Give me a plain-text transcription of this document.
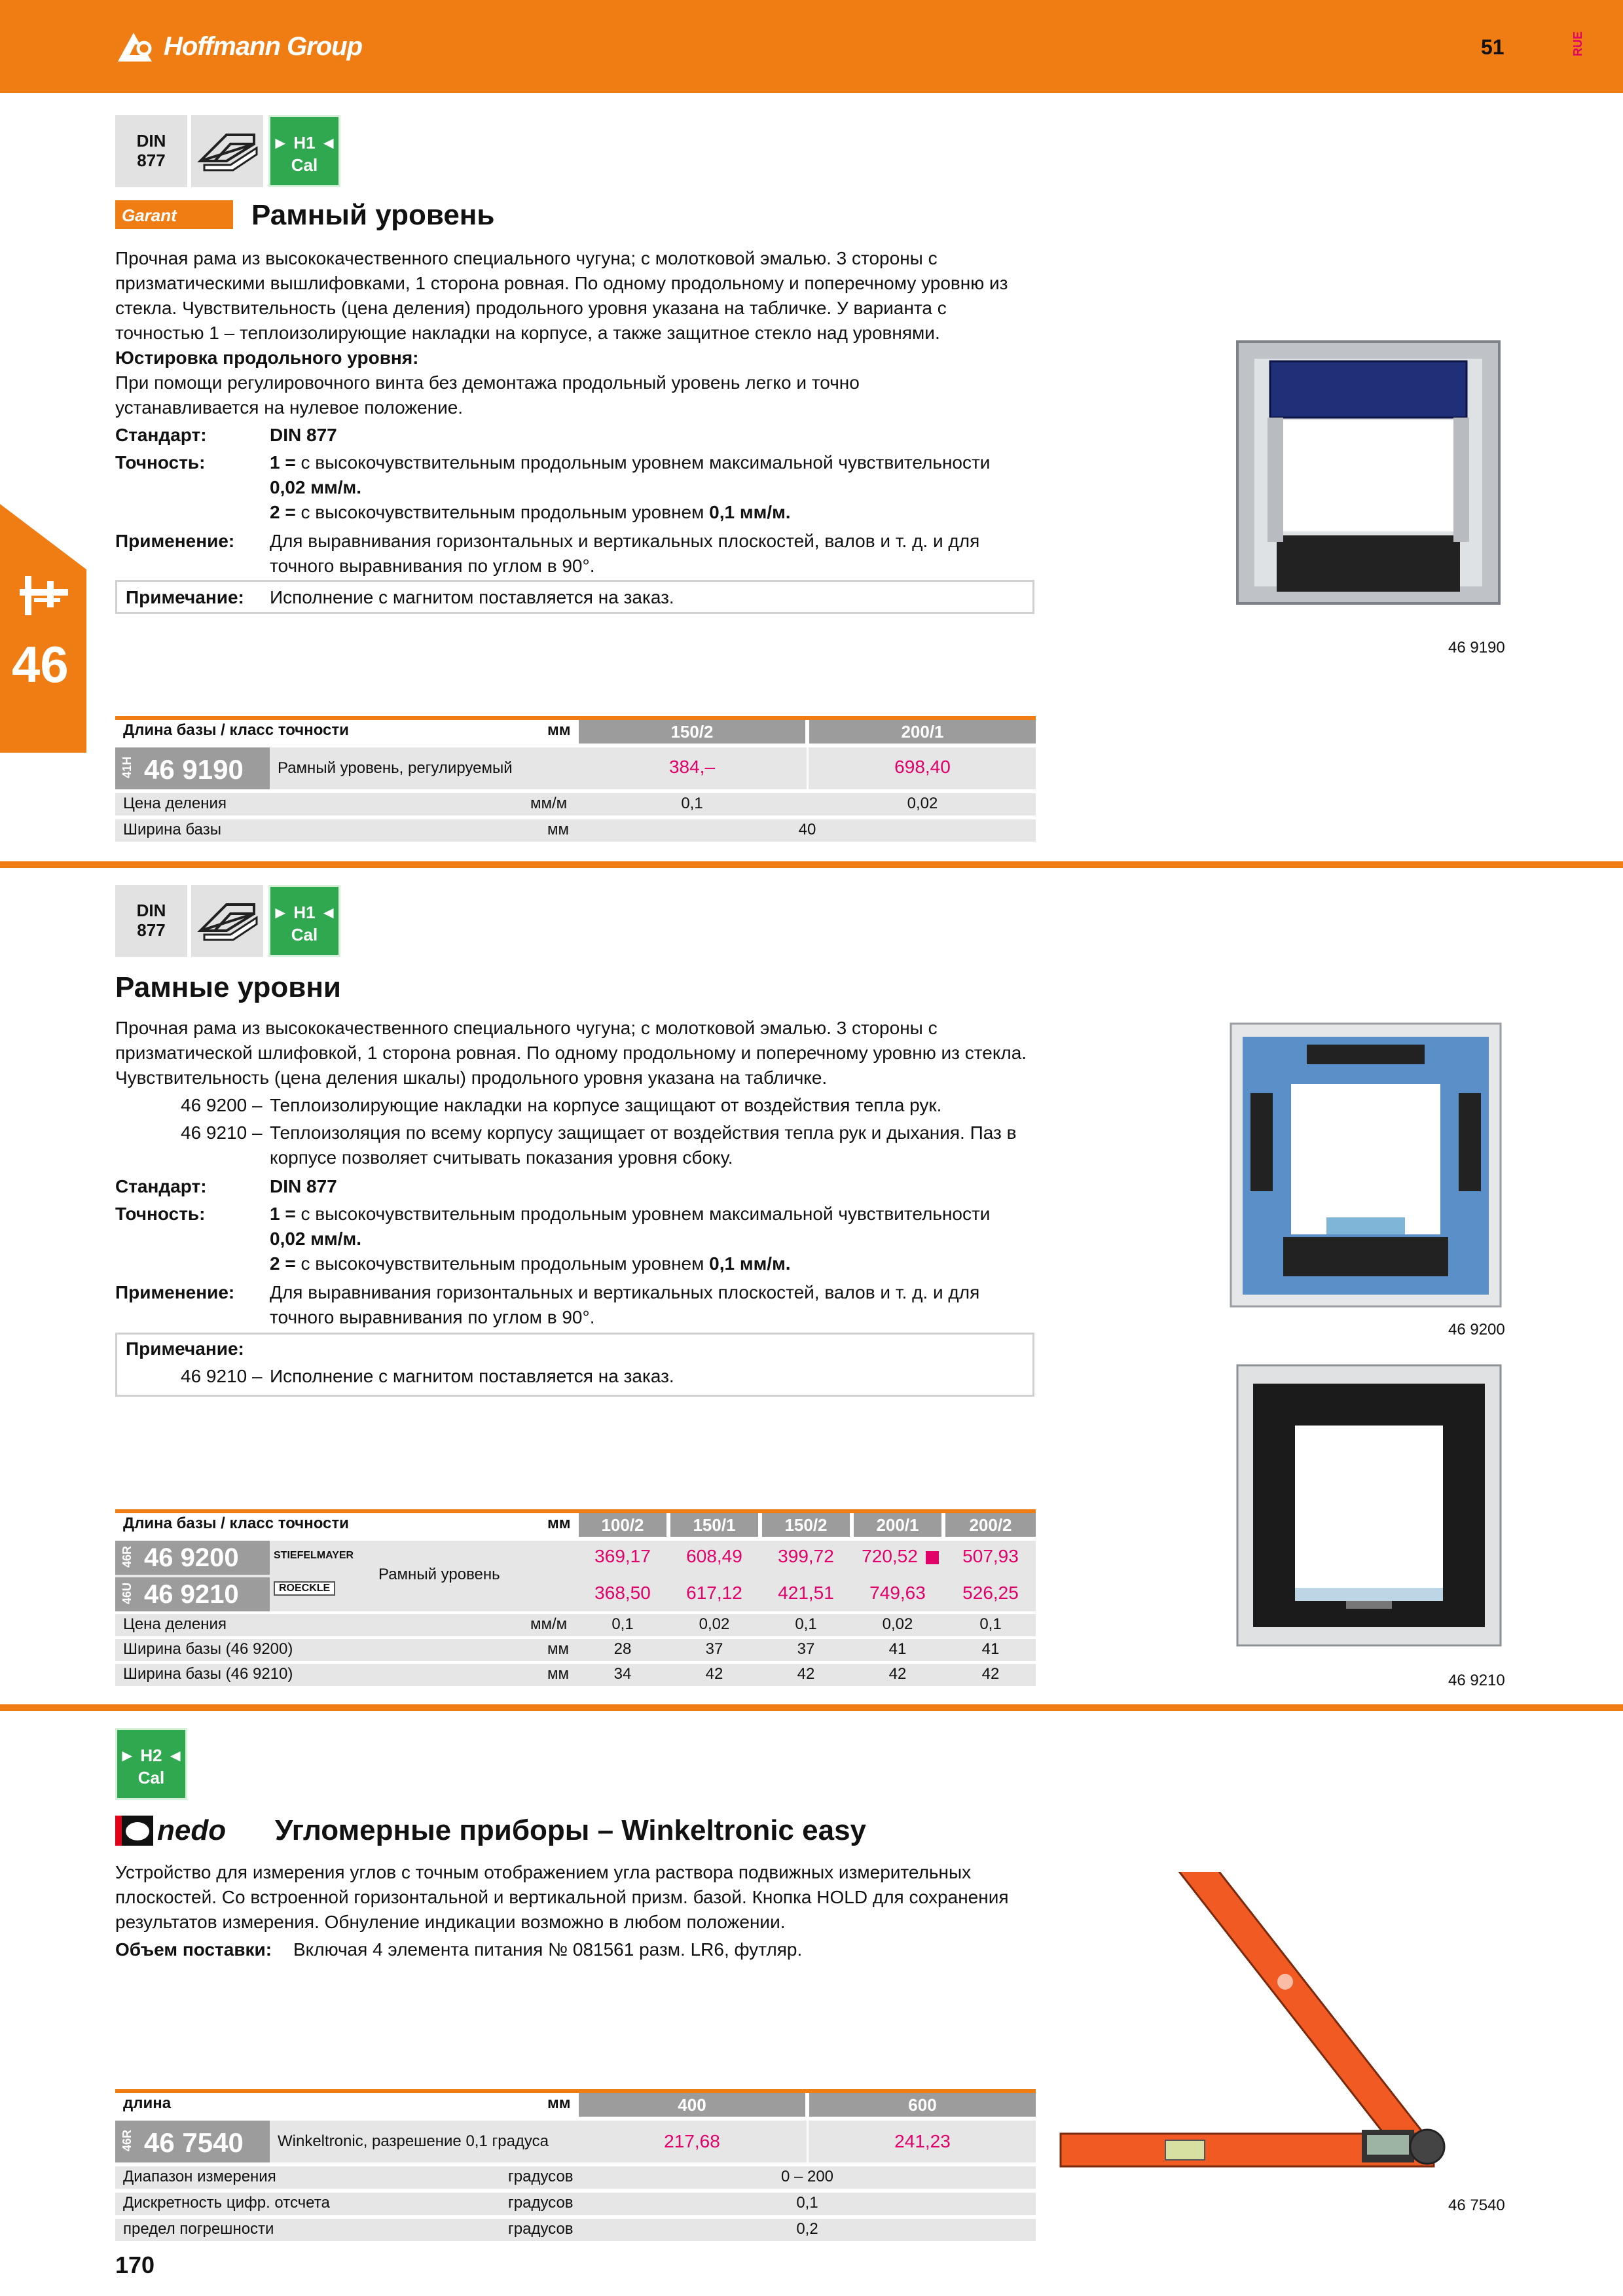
Hoffmann Group	51	RUE
46
DIN
877
► H1 ◄
Cal
Garant	Рамный уровень
Прочная рама из высококачественного специального чугуна; с молотковой эмалью. 3 стороны с призматическими вышлифовками, 1 сторона ровная. По одному продольному и поперечному уровню из стекла. Чувствительность (цена деления) продольного уровня указана на табличке. У варианта с точностью 1 – теплоизолирующие накладки на корпусе, а также защитное стекло над уровнями.
Юстировка продольного уровня:
При помощи регулировочного винта без демонтажа продольный уровень легко и точно устанавливается на нулевое положение.
Стандарт:	DIN 877
Точность:	1 = с высокочувствительным продольным уровнем максимальной чувствительности
0,02 мм/м.
2 = с высокочувствительным продольным уровнем 0,1 мм/м.
Применение: Для выравнивания горизонтальных и вертикальных плоскостей, валов и т. д. и для точного выравнивания по углом в 90°.
Примечание: Исполнение с магнитом поставляется на заказ.
46 9190
Длина базы / класс точности	мм	150/2	200/1
41H 46 9190 Рамный уровень, регулируемый	384,–	698,40
Цена деления	мм/м	0,1	0,02
Ширина базы	мм	40
DIN
877
► H1 ◄
Cal
Рамные уровни
Прочная рама из высококачественного специального чугуна; с молотковой эмалью. 3 стороны с призматической шлифовкой, 1 сторона ровная. По одному продольному и поперечному уровню из стекла. Чувствительность (цена деления шкалы) продольного уровня указана на табличке.
46 9200 – Теплоизолирующие накладки на корпусе защищают от воздействия тепла рук.
46 9210 – Теплоизоляция по всему корпусу защищает от воздействия тепла рук и дыхания. Паз в корпусе позволяет считывать показания уровня сбоку.
Стандарт:	DIN 877
Точность:	1 = с высокочувствительным продольным уровнем максимальной чувствительности
0,02 мм/м.
2 = с высокочувствительным продольным уровнем 0,1 мм/м.
Применение: Для выравнивания горизонтальных и вертикальных плоскостей, валов и т. д. и для точного выравнивания по углом в 90°.
Примечание:
46 9210 – Исполнение с магнитом поставляется на заказ.
46 9200
46 9210
Длина базы / класс точности	мм	100/2	150/1	150/2	200/1	200/2
46R 46 9200
46U 46 9210
STIEFELMAYER
ROECKLE
Рамный уровень
369,17	608,49	399,72	720,52	507,93
368,50	617,12	421,51	749,63	526,25
Цена деления	мм/м	0,1	0,02	0,1	0,02	0,1
Ширина базы (46 9200)	мм	28	37	37	41	41
Ширина базы (46 9210)	мм	34	42	42	42	42
► H2 ◄
Cal
nedo Угломерные приборы – Winkeltronic easy
Устройство для измерения углов с точным отображением угла раствора подвижных измерительных плоскостей. Со встроенной горизонтальной и вертикальной призм. базой. Кнопка HOLD для сохранения результатов измерения. Обнуление индикации возможно в любом положении.
Объем поставки: Включая 4 элемента питания № 081561 разм. LR6, футляр.
46 7540
длина	мм	400	600
46R 46 7540 Winkeltronic, разрешение 0,1 градуса	217,68	241,23
Диапазон измерения	градусов	0 – 200
Дискретность цифр. отсчета	градусов	0,1
предел погрешности	градусов	0,2
170
